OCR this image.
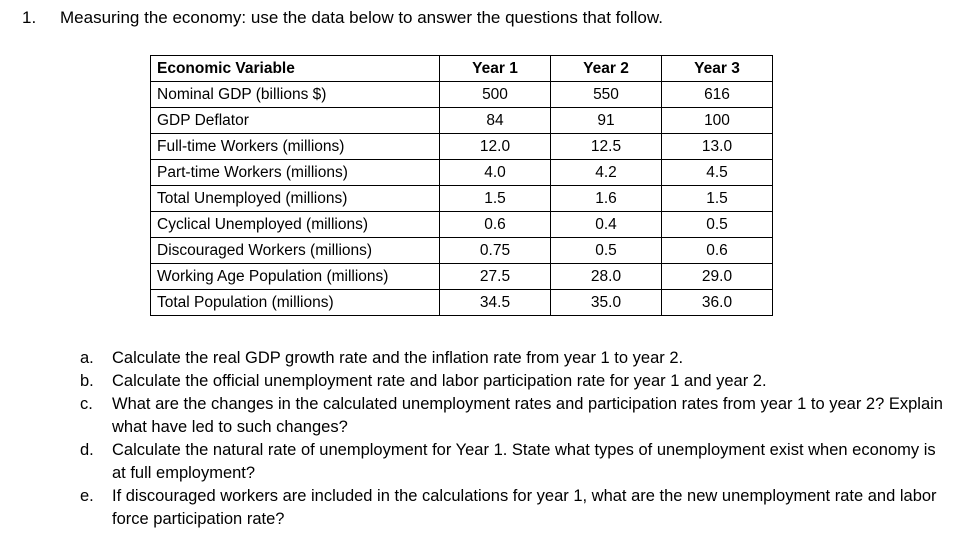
1. Measuring the economy: use the data below to answer the questions that follow.
Economic Variable	Year 1	Year 2	Year 3
Nominal GDP (billions $)	500	550	616
GDP Deflator	84	91	100
Full-time Workers (millions)	12.0	12.5	13.0
Part-time Workers (millions)	4.0	4.2	4.5
Total Unemployed (millions)	1.5	1.6	1.5
Cyclical Unemployed (millions)	0.6	0.4	0.5
Discouraged Workers (millions)	0.75	0.5	0.6
Working Age Population (millions)	27.5	28.0	29.0
Total Population (millions)	34.5	35.0	36.0
a.	Calculate the real GDP growth rate and the inflation rate from year 1 to year 2.
b.	Calculate the official unemployment rate and labor participation rate for year 1 and year 2.
c.	What are the changes in the calculated unemployment rates and participation rates from year 1 to year 2? Explain what have led to such changes?
d.	Calculate the natural rate of unemployment for Year 1. State what types of unemployment exist when economy is at full employment?
e.	If discouraged workers are included in the calculations for year 1, what are the new unemployment rate and labor force participation rate?
